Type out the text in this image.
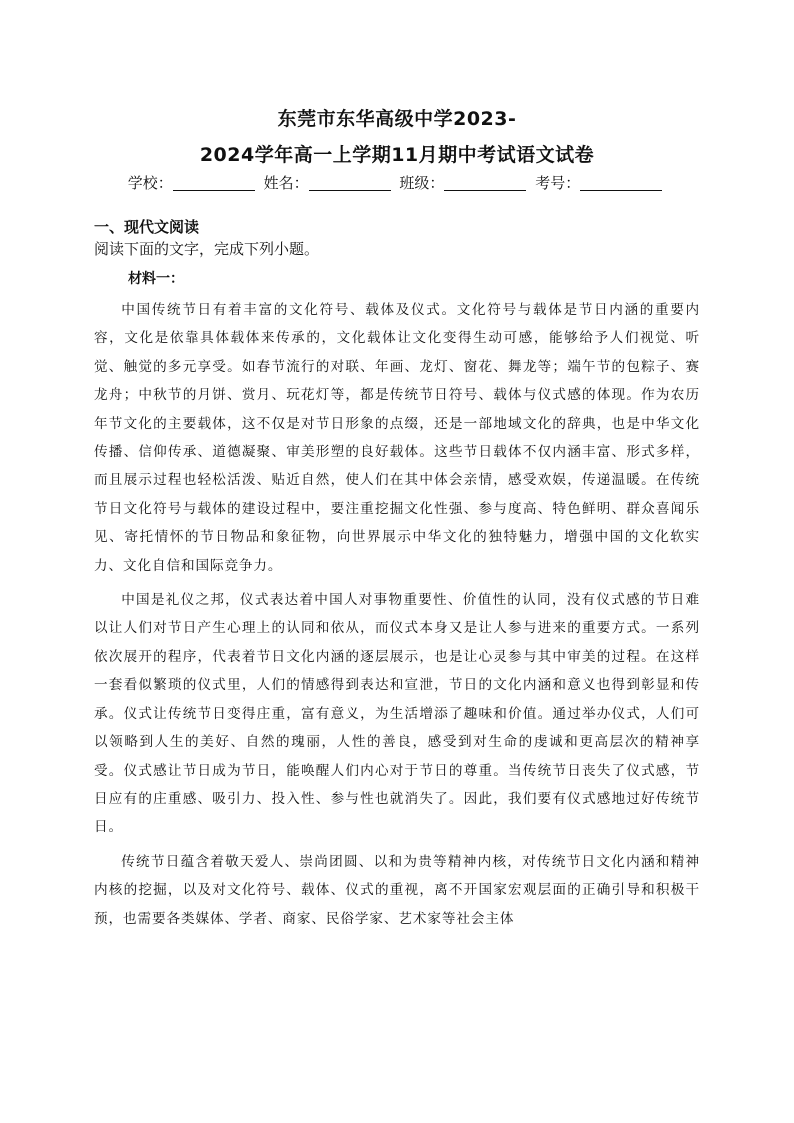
东莞市东华高级中学2023-
2024学年高一上学期11月期中考试语文试卷
学校：	姓名：	班级：	考号：
一、现代文阅读
阅读下面的文字，完成下列小题。
材料一：

中国传统节日有着丰富的文化符号、载体及仪式。文化符号与载体是节日内涵的重要内容，文化是依靠具体载体来传承的，文化载体让文化变得生动可感，能够给予人们视觉、听觉、触觉的多元享受。如春节流行的对联、年画、龙灯、窗花、舞龙等；端午节的包粽子、赛龙舟；中秋节的月饼、赏月、玩花灯等，都是传统节日符号、载体与仪式感的体现。作为农历年节文化的主要载体，这不仅是对节日形象的点缀，还是一部地域文化的辞典，也是中华文化传播、信仰传承、道德凝聚、审美形塑的良好载体。这些节日载体不仅内涵丰富、形式多样，而且展示过程也轻松活泼、贴近自然，使人们在其中体会亲情，感受欢娱，传递温暖。在传统节日文化符号与载体的建设过程中，要注重挖掘文化性强、参与度高、特色鲜明、群众喜闻乐见、寄托情怀的节日物品和象征物，向世界展示中华文化的独特魅力，增强中国的文化软实力、文化自信和国际竞争力。

中国是礼仪之邦，仪式表达着中国人对事物重要性、价值性的认同，没有仪式感的节日难以让人们对节日产生心理上的认同和依从，而仪式本身又是让人参与进来的重要方式。一系列依次展开的程序，代表着节日文化内涵的逐层展示，也是让心灵参与其中审美的过程。在这样一套看似繁琐的仪式里，人们的情感得到表达和宣泄，节日的文化内涵和意义也得到彰显和传承。仪式让传统节日变得庄重，富有意义，为生活增添了趣味和价值。通过举办仪式，人们可以领略到人生的美好、自然的瑰丽，人性的善良，感受到对生命的虔诚和更高层次的精神享受。仪式感让节日成为节日，能唤醒人们内心对于节日的尊重。当传统节日丧失了仪式感，节日应有的庄重感、吸引力、投入性、参与性也就消失了。因此，我们要有仪式感地过好传统节日。

传统节日蕴含着敬天爱人、崇尚团圆、以和为贵等精神内核，对传统节日文化内涵和精神内核的挖掘，以及对文化符号、载体、仪式的重视，离不开国家宏观层面的正确引导和积极干预，也需要各类媒体、学者、商家、民俗学家、艺术家等社会主体
